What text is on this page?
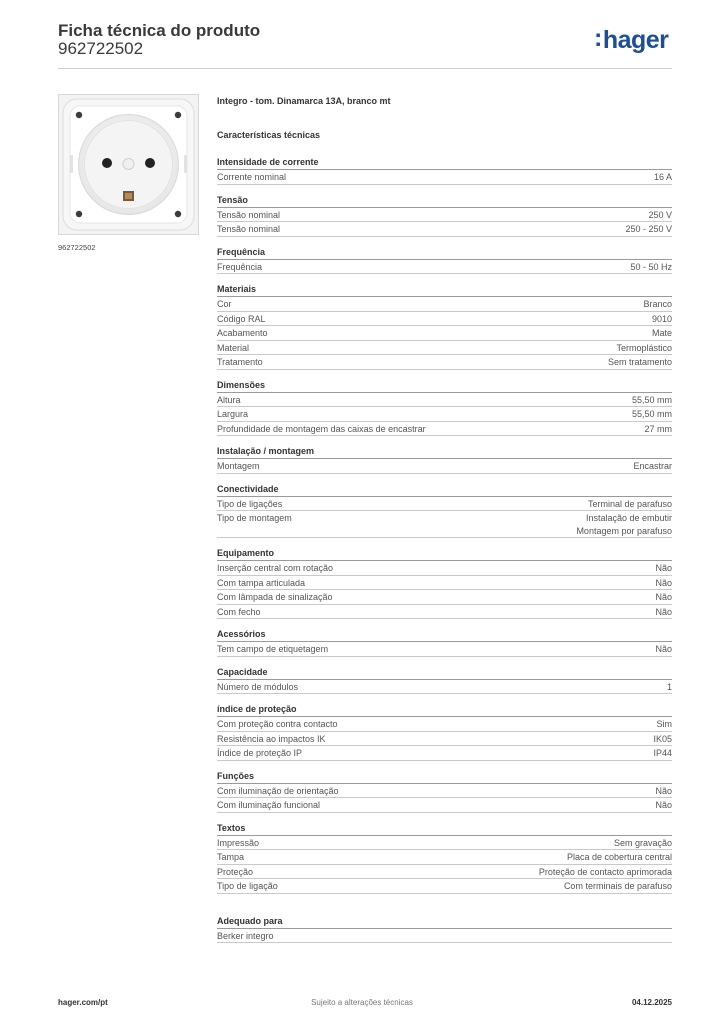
Ficha técnica do produto
962722502	:hager
962722502
Integro - tom. Dinamarca 13A, branco mt
Características técnicas
Intensidade de corrente
Corrente nominal	16 A
Tensão
Tensão nominal	250 V
Tensão nominal	250 - 250 V
Frequência
Frequência	50 - 50 Hz
Materiais
Cor	Branco
Código RAL	9010
Acabamento	Mate
Material	Termoplástico
Tratamento	Sem tratamento
Dimensões
Altura	55,50 mm
Largura	55,50 mm
Profundidade de montagem das caixas de encastrar	27 mm
Instalação / montagem
Montagem	Encastrar
Conectividade
Tipo de ligações	Terminal de parafuso
Tipo de montagem	Instalação de embutir
Montagem por parafuso
Equipamento
Inserção central com rotação	Não
Com tampa articulada	Não
Com lâmpada de sinalização	Não
Com fecho	Não
Acessórios
Tem campo de etiquetagem	Não
Capacidade
Número de módulos	1
índice de proteção
Com proteção contra contacto	Sim
Resistência ao impactos IK	IK05
Índice de proteção IP	IP44
Funções
Com iluminação de orientação	Não
Com iluminação funcional	Não
Textos
Impressão	Sem gravação
Tampa	Placa de cobertura central
Proteção	Proteção de contacto aprimorada
Tipo de ligação	Com terminais de parafuso
Adequado para
Berker integro
hager.com/pt	Sujeito a alterações técnicas	04.12.2025
